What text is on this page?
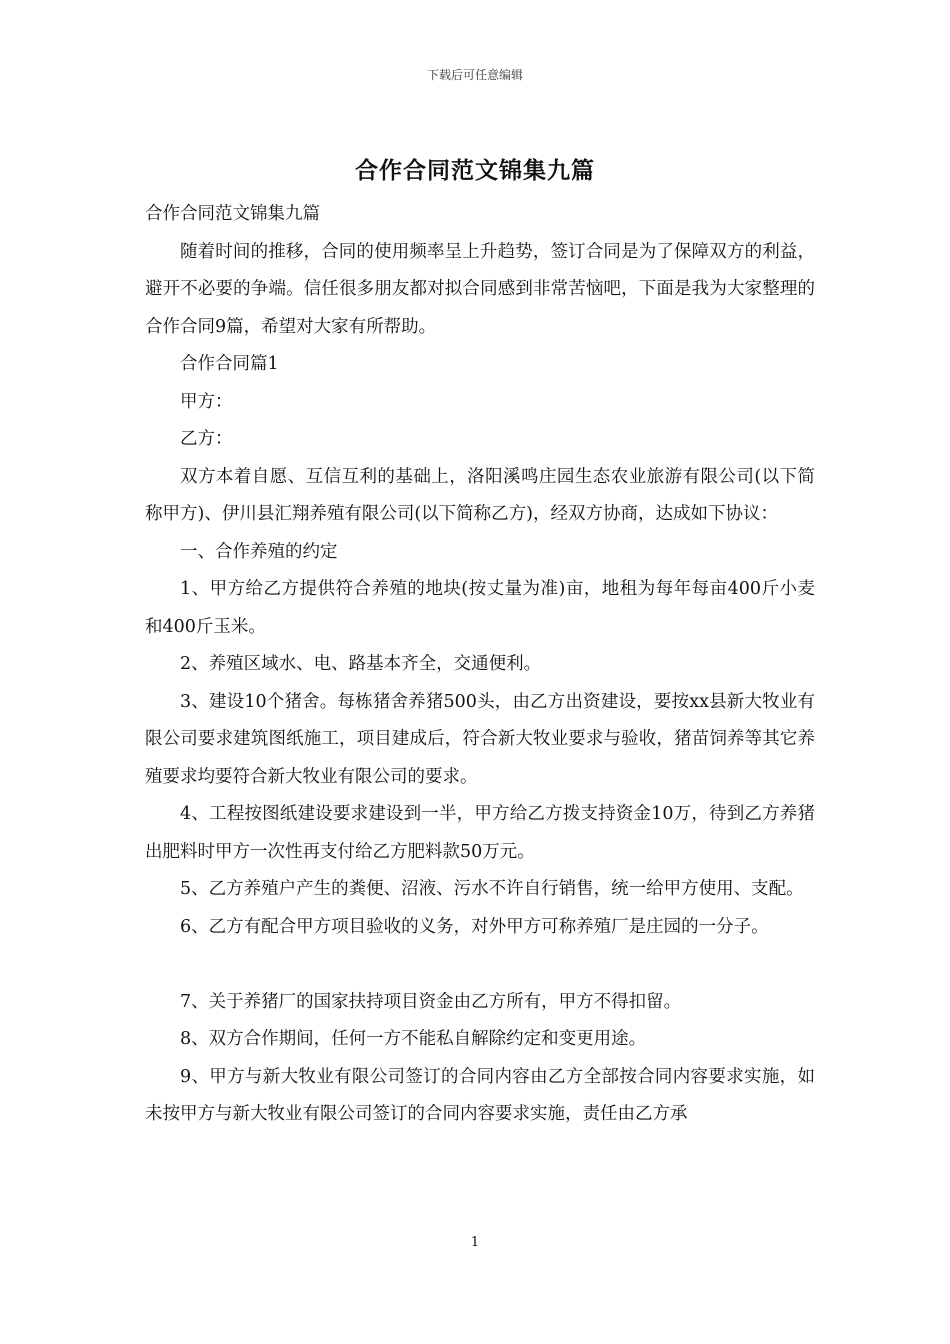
下载后可任意编辑
合作合同范文锦集九篇

合作合同范文锦集九篇

随着时间的推移，合同的使用频率呈上升趋势，签订合同是为了保障双方的利益，避开不必要的争端。信任很多朋友都对拟合同感到非常苦恼吧，下面是我为大家整理的合作合同9篇，希望对大家有所帮助。

合作合同篇1

甲方：

乙方：

双方本着自愿、互信互利的基础上，洛阳溪鸣庄园生态农业旅游有限公司(以下简称甲方)、伊川县汇翔养殖有限公司(以下简称乙方)，经双方协商，达成如下协议：

一、合作养殖的约定

1、甲方给乙方提供符合养殖的地块(按丈量为准)亩，地租为每年每亩400斤小麦和400斤玉米。

2、养殖区域水、电、路基本齐全，交通便利。

3、建设10个猪舍。每栋猪舍养猪500头，由乙方出资建设，要按xx县新大牧业有限公司要求建筑图纸施工，项目建成后，符合新大牧业要求与验收，猪苗饲养等其它养殖要求均要符合新大牧业有限公司的要求。

4、工程按图纸建设要求建设到一半，甲方给乙方拨支持资金10万，待到乙方养猪出肥料时甲方一次性再支付给乙方肥料款50万元。

5、乙方养殖户产生的粪便、沼液、污水不许自行销售，统一给甲方使用、支配。

6、乙方有配合甲方项目验收的义务，对外甲方可称养殖厂是庄园的一分子。

7、关于养猪厂的国家扶持项目资金由乙方所有，甲方不得扣留。

8、双方合作期间，任何一方不能私自解除约定和变更用途。

9、甲方与新大牧业有限公司签订的合同内容由乙方全部按合同内容要求实施，如未按甲方与新大牧业有限公司签订的合同内容要求实施，责任由乙方承

1
